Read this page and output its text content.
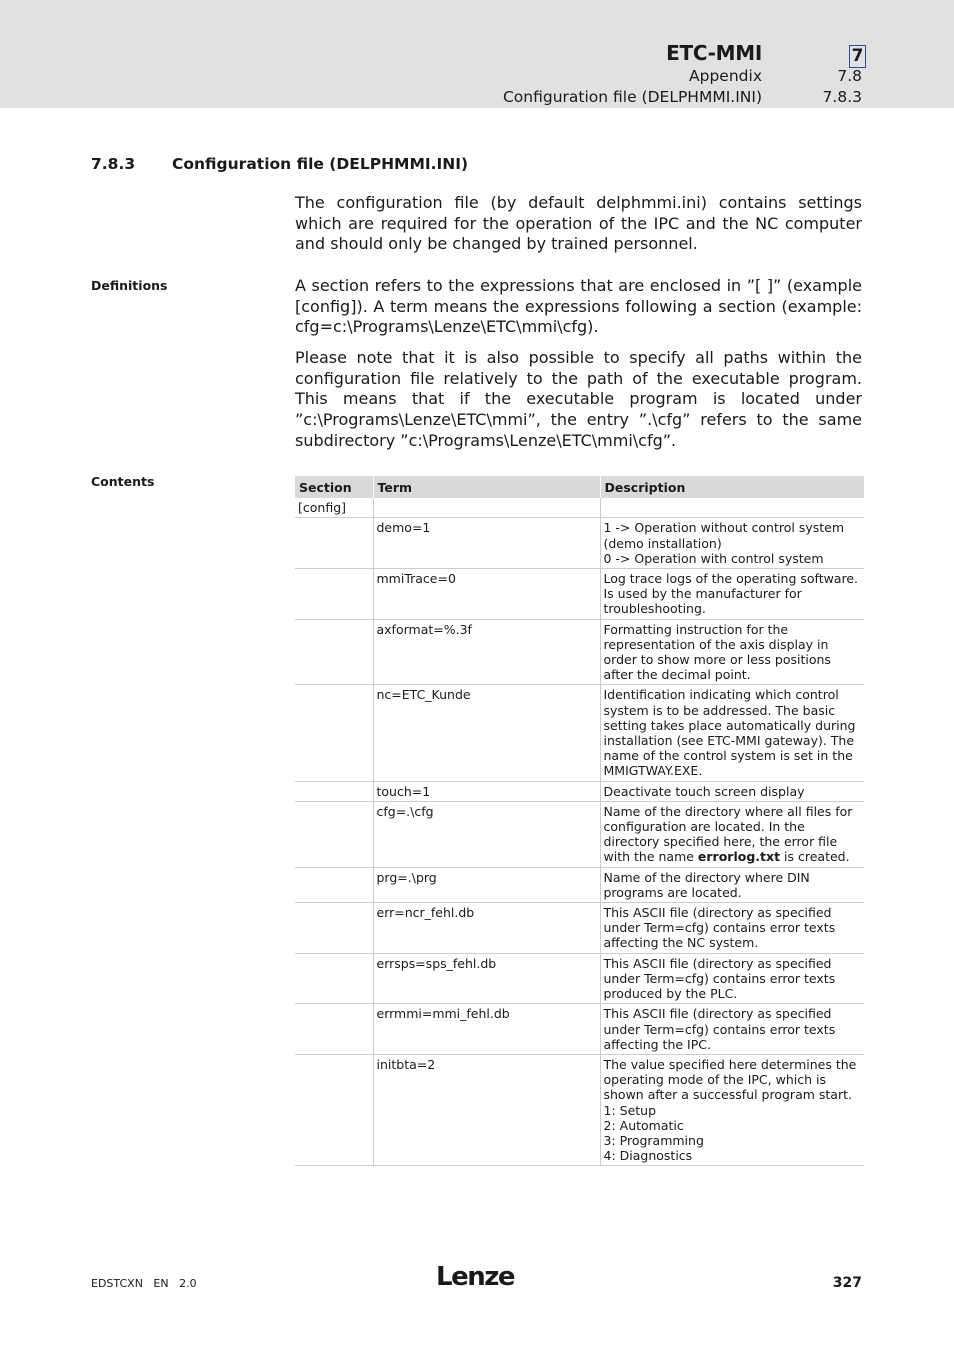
ETC-MMI	7
Appendix	7.8
Configuration file (DELPHMMI.INI)	7.8.3
7.8.3 Configuration file (DELPHMMI.INI)

The configuration file (by default delphmmi.ini) contains settings which are required for the operation of the IPC and the NC computer and should only be changed by trained personnel.

Definitions	A section refers to the expressions that are enclosed in ”[ ]” (example [config]). A term means the expressions following a section (example: cfg=c:\Programs\Lenze\ETC\mmi\cfg).

Please note that it is also possible to specify all paths within the configuration file relatively to the path of the executable program. This means that if the executable program is located under ”c:\Programs\Lenze\ETC\mmi”, the entry ”.\cfg” refers to the same subdirectory ”c:\Programs\Lenze\ETC\mmi\cfg”.

Contents	Section	Term	Description
[config]		
	demo=1	1 -> Operation without control system (demo installation)
0 -> Operation with control system

	mmiTrace=0	Log trace logs of the operating software. Is used by the manufacturer for troubleshooting.

	axformat=%.3f	Formatting instruction for the representation of the axis display in order to show more or less positions after the decimal point.

	nc=ETC_Kunde	Identification indicating which control system is to be addressed. The basic setting takes place automatically during installation (see ETC-MMI gateway). The name of the control system is set in the MMIGTWAY.EXE.

	touch=1	Deactivate touch screen display

	cfg=.\cfg	Name of the directory where all files for configuration are located. In the directory specified here, the error file with the name errorlog.txt is created.
	prg=.\prg	Name of the directory where DIN programs are located.

	err=ncr_fehl.db	This ASCII file (directory as specified under Term=cfg) contains error texts affecting the NC system.

	errsps=sps_fehl.db	This ASCII file (directory as specified under Term=cfg) contains error texts produced by the PLC.

	errmmi=mmi_fehl.db	This ASCII file (directory as specified under Term=cfg) contains error texts affecting the IPC.

	initbta=2	The value specified here determines the operating mode of the IPC, which is shown after a successful program start.
1: Setup
2: Automatic
3: Programming
4: Diagnostics
EDSTCXN   EN   2.0	Lenze	327
